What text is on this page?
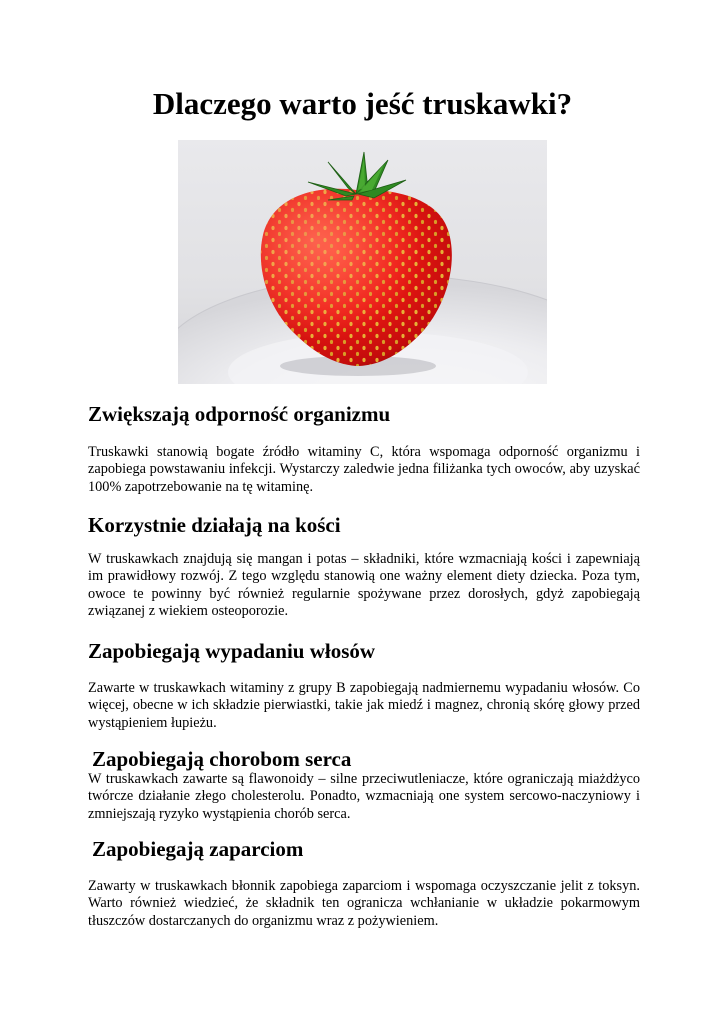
Dlaczego warto jeść truskawki?
Zwiększają odporność organizmu

Truskawki stanowią bogate źródło witaminy C, która wspomaga odporność organizmu i zapobiega powstawaniu infekcji. Wystarczy zaledwie jedna filiżanka tych owoców, aby uzyskać 100% zapotrzebowanie na tę witaminę.

Korzystnie działają na kości

W truskawkach znajdują się mangan i potas – składniki, które wzmacniają kości i zapewniają im prawidłowy rozwój. Z tego względu stanowią one ważny element diety dziecka. Poza tym, owoce te powinny być również regularnie spożywane przez dorosłych, gdyż zapobiegają związanej z wiekiem osteoporozie.

Zapobiegają wypadaniu włosów

Zawarte w truskawkach witaminy z grupy B zapobiegają nadmiernemu wypadaniu włosów. Co więcej, obecne w ich składzie pierwiastki, takie jak miedź i magnez, chronią skórę głowy przed wystąpieniem łupieżu.

Zapobiegają chorobom serca

W truskawkach zawarte są flawonoidy – silne przeciwutleniacze, które ograniczają miażdżyco twórcze działanie złego cholesterolu. Ponadto, wzmacniają one system sercowo-naczyniowy i zmniejszają ryzyko wystąpienia chorób serca.

Zapobiegają zaparciom

Zawarty w truskawkach błonnik zapobiega zaparciom i wspomaga oczyszczanie jelit z toksyn. Warto również wiedzieć, że składnik ten ogranicza wchłanianie w układzie pokarmowym tłuszczów dostarczanych do organizmu wraz z pożywieniem.
